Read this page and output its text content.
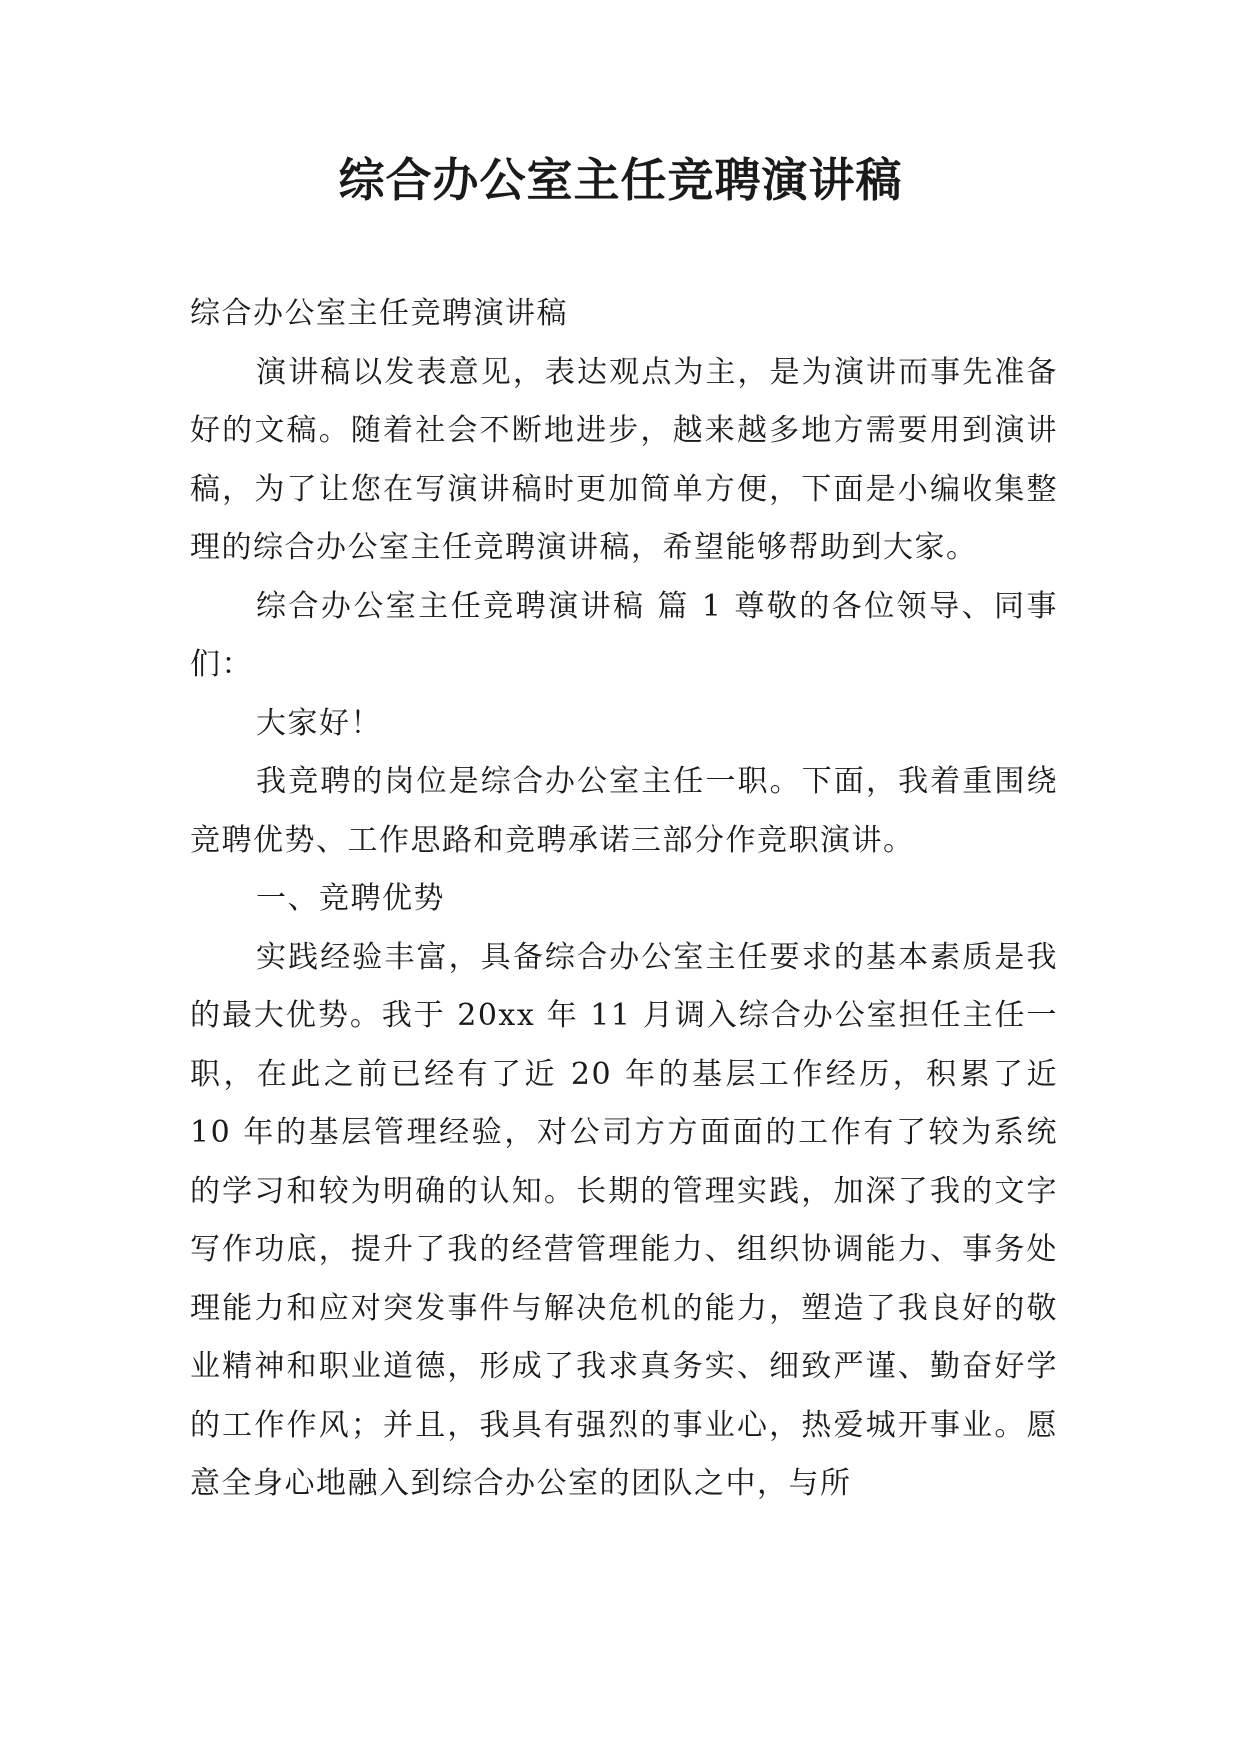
综合办公室主任竞聘演讲稿

综合办公室主任竞聘演讲稿

演讲稿以发表意见，表达观点为主，是为演讲而事先准备好的文稿。随着社会不断地进步，越来越多地方需要用到演讲稿，为了让您在写演讲稿时更加简单方便，下面是小编收集整理的综合办公室主任竞聘演讲稿，希望能够帮助到大家。

综合办公室主任竞聘演讲稿 篇 1 尊敬的各位领导、同事们：

大家好！

我竞聘的岗位是综合办公室主任一职。下面，我着重围绕竞聘优势、工作思路和竞聘承诺三部分作竞职演讲。

一、竞聘优势

实践经验丰富，具备综合办公室主任要求的基本素质是我的最大优势。我于 20xx 年 11 月调入综合办公室担任主任一职，在此之前已经有了近 20 年的基层工作经历，积累了近 10 年的基层管理经验，对公司方方面面的工作有了较为系统的学习和较为明确的认知。长期的管理实践，加深了我的文字写作功底，提升了我的经营管理能力、组织协调能力、事务处理能力和应对突发事件与解决危机的能力，塑造了我良好的敬业精神和职业道德，形成了我求真务实、细致严谨、勤奋好学的工作作风；并且，我具有强烈的事业心，热爱城开事业。愿意全身心地融入到综合办公室的团队之中，与所
